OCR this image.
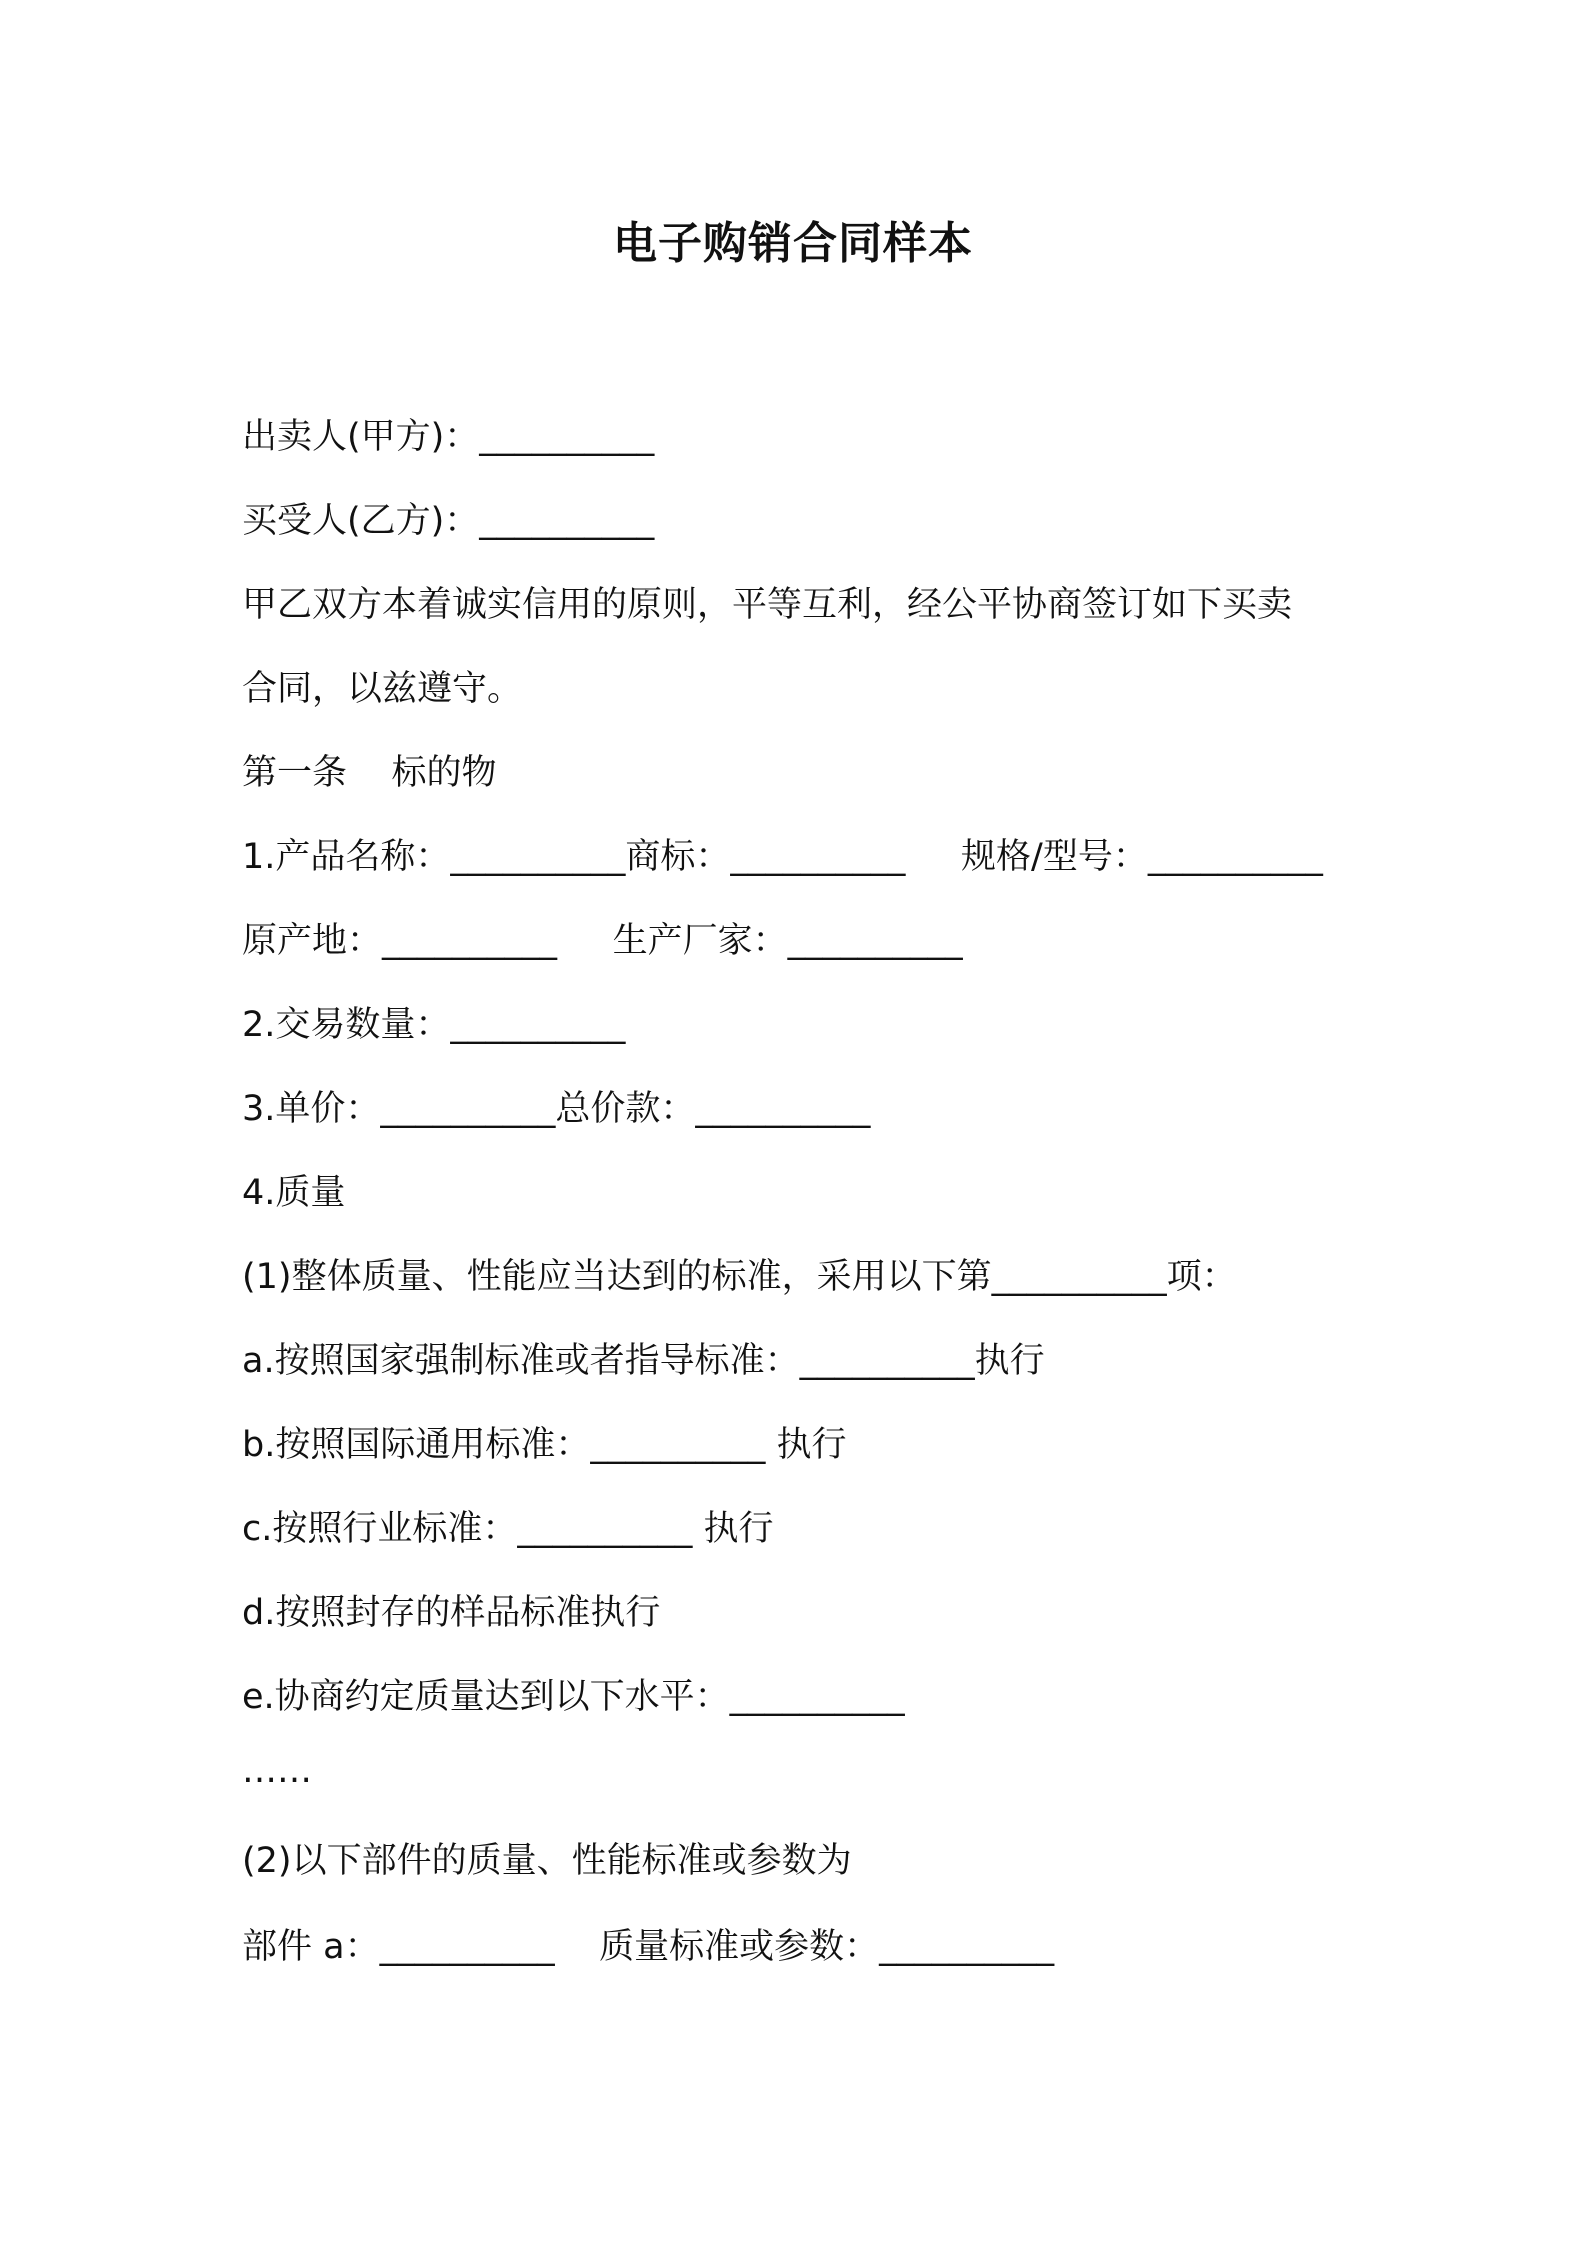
电子购销合同样本
出卖人(甲方)：__________
买受人(乙方)：__________
甲乙双方本着诚实信用的原则，平等互利，经公平协商签订如下买卖
合同，以兹遵守。
第一条    标的物
1.产品名称：__________商标：__________     规格/型号：__________
原产地：__________     生产厂家：__________
2.交易数量：__________
3.单价：__________总价款：__________
4.质量
(1)整体质量、性能应当达到的标准，采用以下第__________项：
a.按照国家强制标准或者指导标准：__________执行
b.按照国际通用标准：__________ 执行
c.按照行业标准：__________ 执行
d.按照封存的样品标准执行
e.协商约定质量达到以下水平：__________
……
(2)以下部件的质量、性能标准或参数为
部件 a：__________    质量标准或参数：__________
